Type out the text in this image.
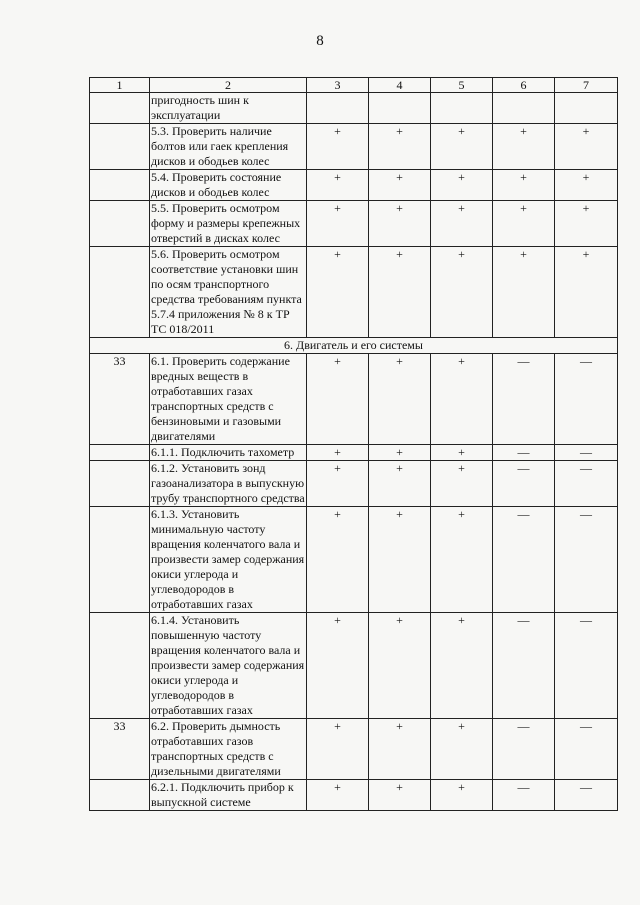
8
1	2	3	4	5	6	7
	пригодность шин к эксплуатации					
	5.3. Проверить наличие болтов или гаек крепления дисков и ободьев колес	+	+	+	+	+
	5.4. Проверить состояние дисков и ободьев колес	+	+	+	+	+
	5.5. Проверить осмотром форму и размеры крепежных отверстий в дисках колес	+	+	+	+	+
	5.6. Проверить осмотром соответствие установки шин по осям транспортного средства требованиям пункта 5.7.4 приложения № 8 к ТР ТС 018/2011	+	+	+	+	+
6. Двигатель и его системы						
33	6.1. Проверить содержание вредных веществ в отработавших газах транспортных средств с бензиновыми и газовыми двигателями	+	+	+	—	—
	6.1.1. Подключить тахометр	+	+	+	—	—
	6.1.2. Установить зонд газоанализатора в выпускную трубу транспортного средства	+	+	+	—	—
	6.1.3. Установить минимальную частоту вращения коленчатого вала и произвести замер содержания окиси углерода и углеводородов в отработавших газах	+	+	+	—	—
	6.1.4. Установить повышенную частоту вращения коленчатого вала и произвести замер содержания окиси углерода и углеводородов в отработавших газах	+	+	+	—	—
33	6.2. Проверить дымность отработавших газов транспортных средств с дизельными двигателями	+	+	+	—	—
	6.2.1. Подключить прибор к выпускной системе	+	+	+	—	—
